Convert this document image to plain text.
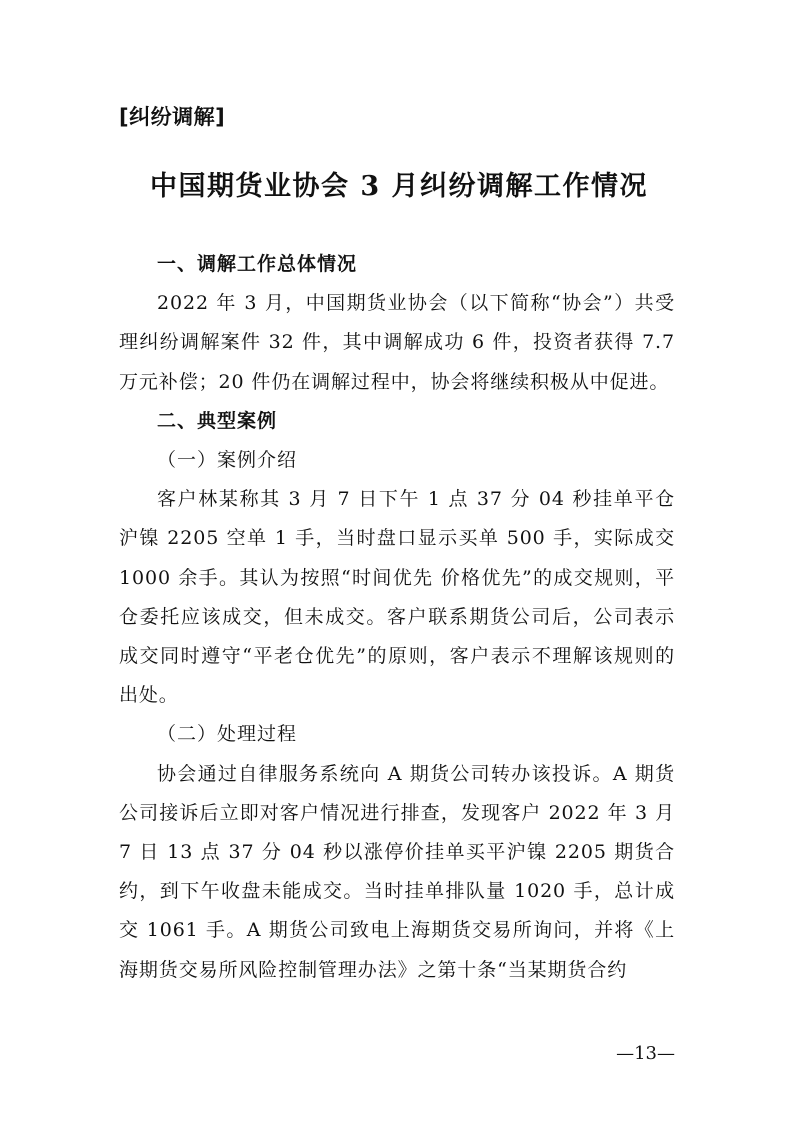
[纠纷调解]
中国期货业协会 3 月纠纷调解工作情况

一、调解工作总体情况

2022 年 3 月，中国期货业协会（以下简称“协会”）共受理纠纷调解案件 32 件，其中调解成功 6 件，投资者获得 7.7 万元补偿；20 件仍在调解过程中，协会将继续积极从中促进。

二、典型案例

（一）案例介绍

客户林某称其 3 月 7 日下午 1 点 37 分 04 秒挂单平仓沪镍 2205 空单 1 手，当时盘口显示买单 500 手，实际成交 1000 余手。其认为按照“时间优先 价格优先”的成交规则，平仓委托应该成交，但未成交。客户联系期货公司后，公司表示成交同时遵守“平老仓优先”的原则，客户表示不理解该规则的出处。

（二）处理过程

协会通过自律服务系统向 A 期货公司转办该投诉。A 期货公司接诉后立即对客户情况进行排查，发现客户 2022 年 3 月 7 日 13 点 37 分 04 秒以涨停价挂单买平沪镍 2205 期货合约，到下午收盘未能成交。当时挂单排队量 1020 手，总计成交 1061 手。A 期货公司致电上海期货交易所询问，并将《上海期货交易所风险控制管理办法》之第十条“当某期货合约

—13—
